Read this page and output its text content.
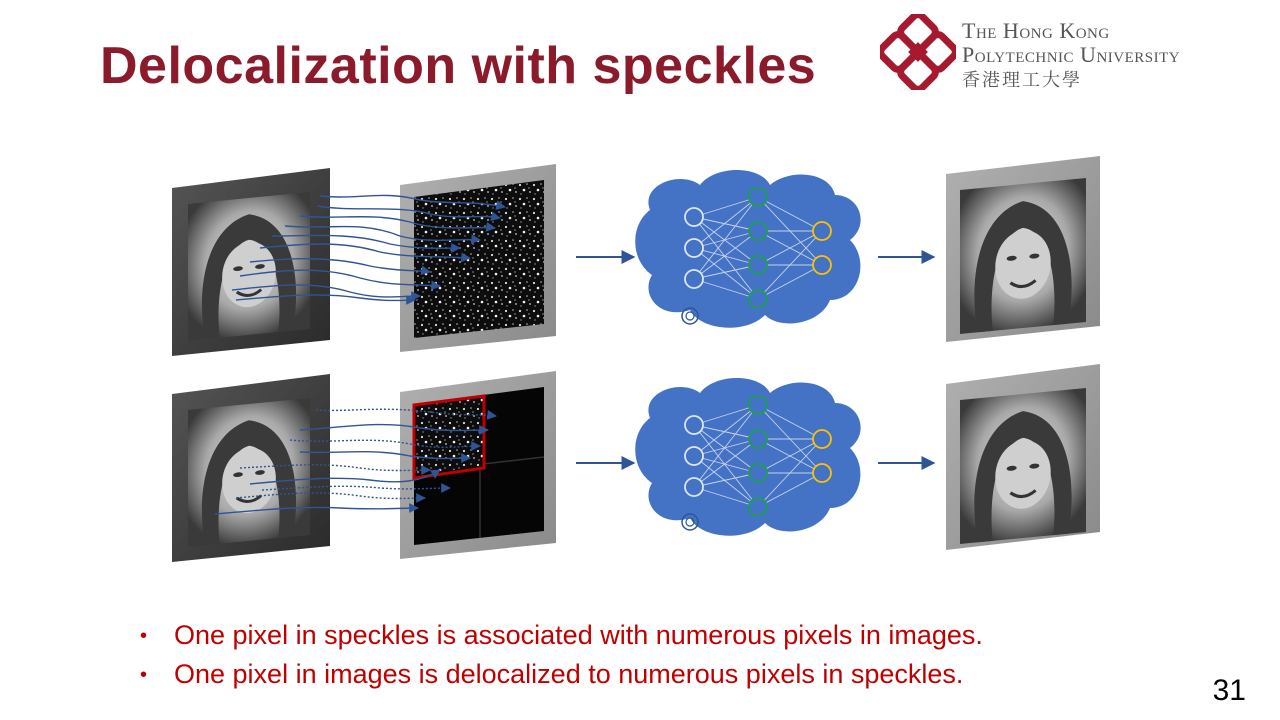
Delocalization with speckles
The Hong Kong
Polytechnic University
香港理工大學
• One pixel in speckles is associated with numerous pixels in images.
• One pixel in images is delocalized to numerous pixels in speckles.	31
